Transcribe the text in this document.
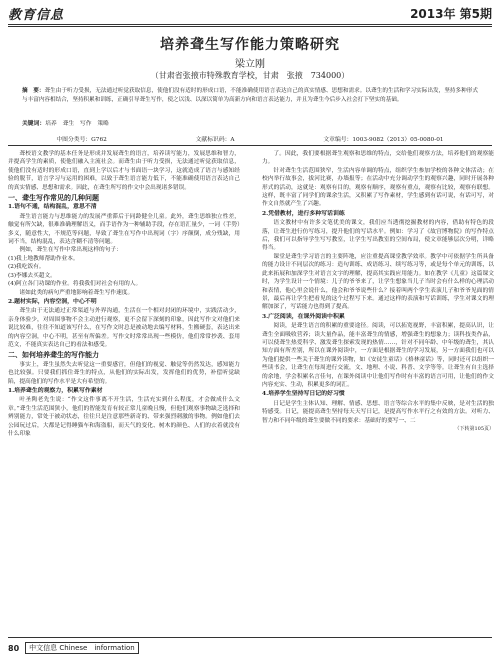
教育信息	2013年 第5期
培养聋生写作能力策略研究
梁立刚
（甘肃省张掖市特殊教育学校，甘肃　张掖　734000）
摘　要：聋生由于听力受损，无法通过听觉获取信息，使他们没有适时的形成口语，不能准确使用语言表达自己的真实情感、思想和需求。以聋生的生活和学习实际出发，坚持多种形式与丰富内容相结合，坚持积累和训练，正确引导聋生写作，使之以浅、以深以简单为高新方向和语言表达能力，并且为聋生今后步入社会打下坚实的基础。
关键词：培养　聋生　写作　策略
中图分类号：G762	文献标识码：A	文章编号：1003-9082（2013）05-0080-01

聋校语文教学的基本任务是形成并发展聋生的语言，培养读写能力，发展思维和智力，并提高学生的素质，使他们融入主流社会。而聋生由于听力受损，无法通过听觉获取信息，使他们没有适时的形成口语，直到上学以后才与书面语一块学习，这就造成了语言与感知经验的脱节，语言学习与运用的困难，以致于聋生语言能力低下，不能准确使用语言表达自己的真实情感、思想和需求。因此，在聋生所写的作文中会出现诸多错误。

一、聋生写作常见的几种问题
1.语句不通，结构混乱，意思不清

聋生语言能力与思维能力的发展严重滞后于同龄健全儿童。此外，聋生思维独立性差，触觉有所欠缺，很难准确理解语义，而手语作为一种辅助手段，存在语汇量少，一词（手势）多义，随意性大，不规范等问题，导致了聋生在写作中出现词（字）序颠倒，成分残缺，用词不当，结构混乱，表达含糊不清等问题。

例如，聋生在写作中常出现这样的句子：

(1)我上地教师帮助作业本。

(2)我吃饭有。

(3)李娜去买超文。

(4)阿立各门功课的作业。将我我们对社会有用的人。

诸如此类的病句严重地影响着聋生写作速度。

2.题材实际，内容空洞，中心不明

聋生由于无法通过正常渠道与外界沟通，生活在一个相对封闭的环境中，实践活动少，亲身体验少，对周围事物不会主动进行观察，更不会留下深刻的印象，因此写作文对他们来说比较难，往往不知道该写什么，在写作文时总是被动地去编写材料，生搬硬套，表达出来的内容空洞，中心不明，甚至有所偏差。写作文时常常出现一些模仿，他们常常抄袭、套用范文，不能真实表达自己的看法和感受。

二、如何培养聋生的写作能力

事实上，聋生虽然失去听觉这一重要感官，但他们的视觉、触觉等仍然发达，感知能力也比较强。只要我们抓住聋生的特点，从他们的实际出发，发挥他们的优势，补偿听觉缺陷，提高他们的写作水平是大有希望的。

1.培养聋生的观察力，积累写作素材

叶圣陶老先生说：“作文这件事离不开生活，生活充实到什么程度，才会做成什么文章。”聋生生活范围狭小，他们的智能发育有较正常儿童晚且慢，但他们观察事物缺乏选择和辨别能力，常处于被动状态，往往只是注意那些新奇的、带来强烈刺激的事物。例如他们去公园玩过后，大都是记得睡猫车和海盗船，而天气的变化、树木的颜色、人们的衣着就没有什么印象

了。因此，我们要根据聋生观察和思维的特点，交给他们观察方法，培养他们的观察能力。

针对聋生生活范围狭窄，生活内容单调的特点，组织学生参加学校的各种文体活动；在校内举行故事会，拔河比赛，办墙报等；在活动中充分调动学生的观察兴趣，同时开展各种形式的活动，这就是：观察有目的，观察有顺序，观察有重点，观察有比较，观察有联想。这样，既丰富了同学们的课余生活，又积累了写作素材，学生感到有话可说，有话可写，对作文自然就产生了兴趣。

2.凭借教材，进行多种写话训练

语文教材中有许多文笔优美的课文，我们应当透彻挖掘教材的内容，借助有特色的段落，让聋生进行仿写练习，提升他们的写话水平。例如：学习了《故宫博物院》的写作特点后，我们可以指导学生写写教室，让学生写出教室的空间布局，使文章能够层次分明，详略得当。

课堂是聋生学习语言的主要阵地，应注重提高课堂教学效率。教学中可依据学生所具备的能力设计不同层次的练习：造句训练、成语练习、续写练习等，或是每个单元的训练，以此来拓展和加深学生对语言文字的理解，提高其实践应用能力。如在教学《儿童》这篇课文时，为学生设计一个情境：儿子的爷爷来了，让学生想象当儿子当时会有什么样的心理活动和表情，他心里会说什么，他会和爷爷说些什么？接着叫两个学生表演儿子和爷爷见面的情景，最后再让学生把看见的这个过程写下来。通过这样的表演和写话训练，学生对课文的理解加深了，写话能力也得到了提高。

3.广泛阅读，在课外阅读中积累

阅读，是聋生语言的积累的重要途径。阅读，可以拓宽视野，丰富积累，提高认识，让聋生全面吸收营养；读大量作品，能丰富聋生的情感，增强聋生的想象力；读科技类作品，可以使聋生热爱科学、激发聋生探索发现的热情……，针对不同年龄、中年级的聋生，其认知方面有所差别，所以在课外阅读中，一方面是根据聋生的学习发展，另一方面我们也可以为他们提供一些关于聋生的课外读物，如《安徒生童话》《格林童话》等，同时还可以组织一些读书会，让聋生在每周进行交流，文、地理、小说、科普、文学等等。让聋生有自主选择的余地，学会积累名言佳句，在课外阅读中让他们写作时有丰富的语言可用，让他们的作文内容充实、生动，积累更多的词汇。

4.培养学生坚持写日记的好习惯

日记是学生主体认知、理解、情感、思想、语言等综合水平的集中反映，是对生活的独特感受。日记，能提高聋生坚持每天天写日记，是提高写作水平行之有效的方法。对听力、智力和不同年级的聋生要做不同的要求：基础好的要写一、二

（下转第105页）

80	中文信息 Chinese　information
